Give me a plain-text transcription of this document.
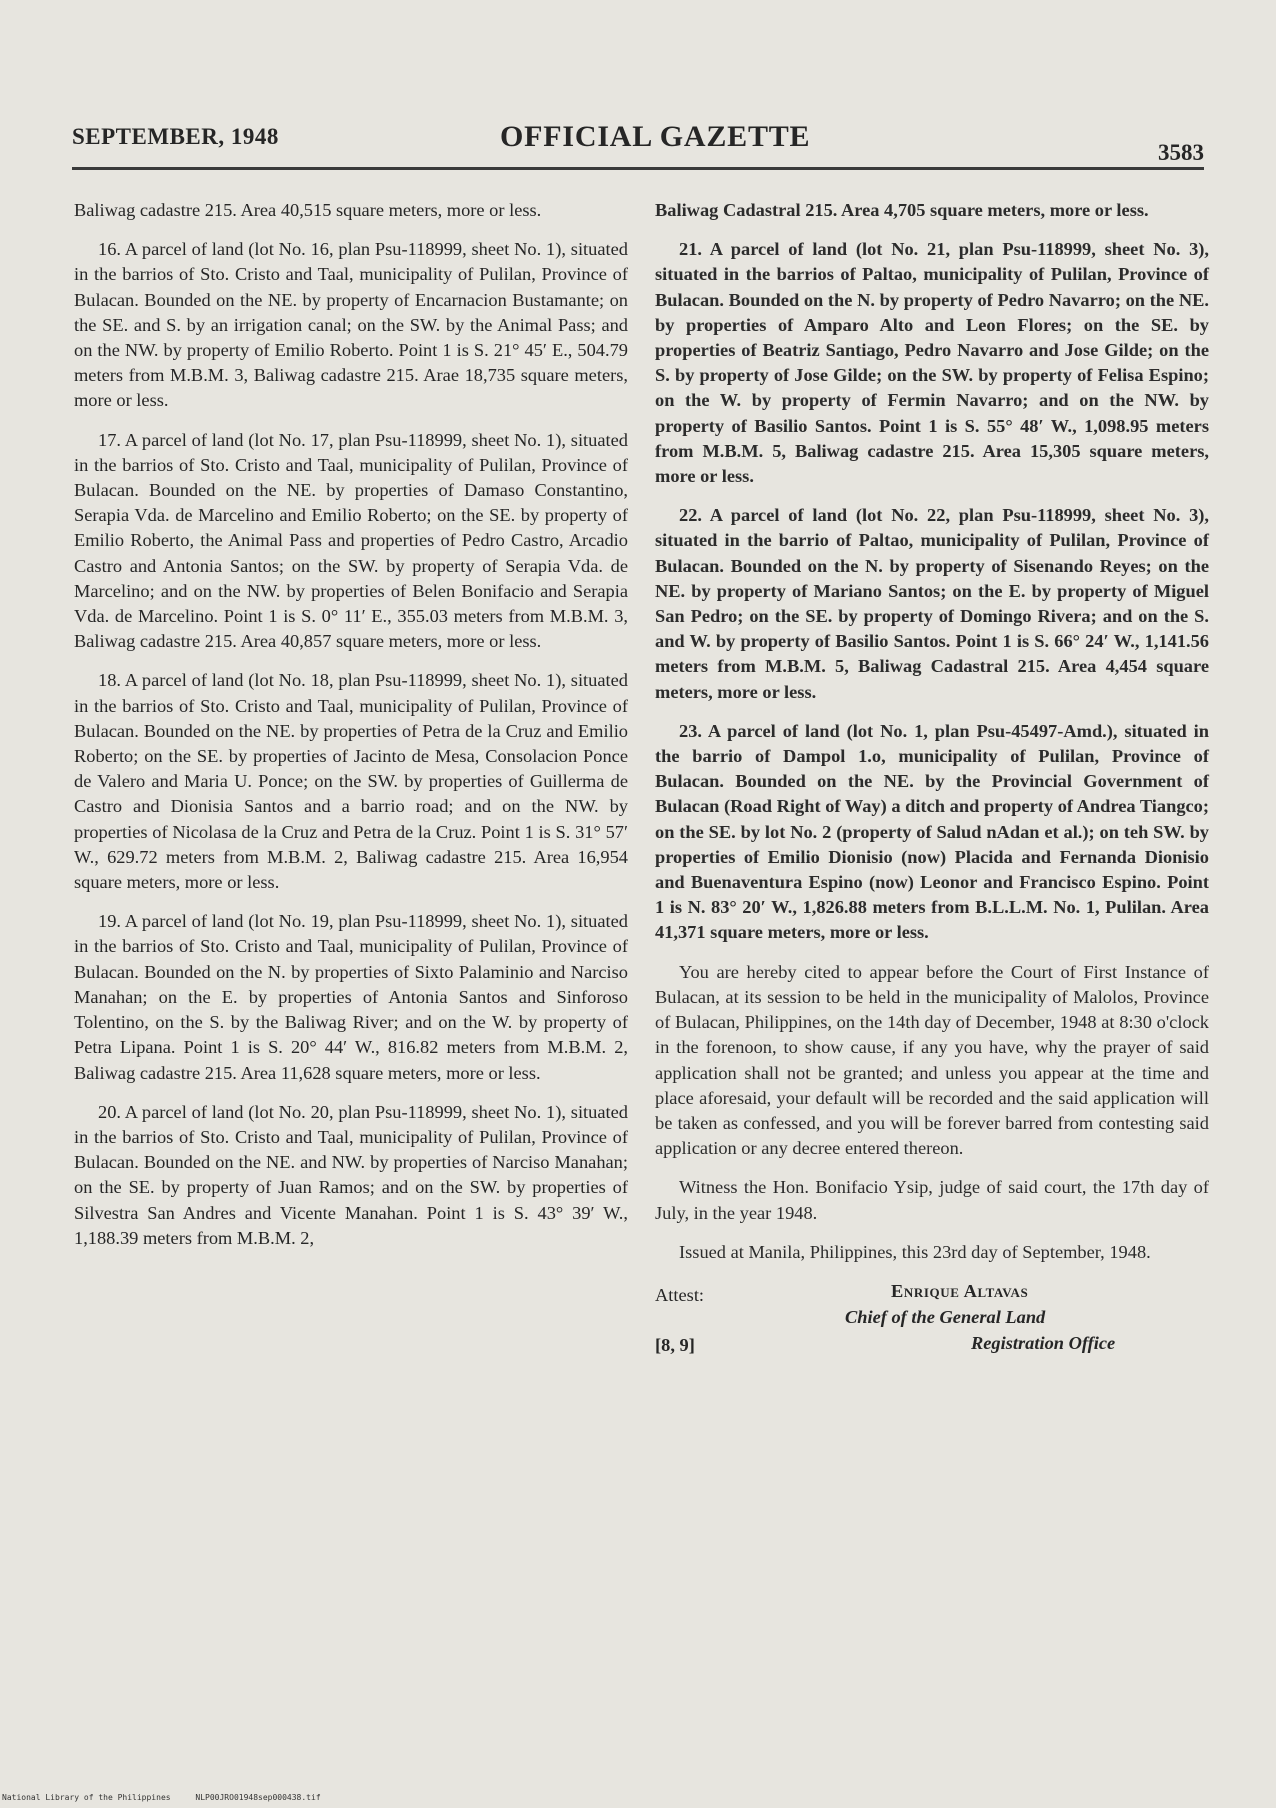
SEPTEMBER, 1948	OFFICIAL GAZETTE	3583

Baliwag cadastre 215. Area 40,515 square meters, more or less.

16. A parcel of land (lot No. 16, plan Psu-118999, sheet No. 1), situated in the barrios of Sto. Cristo and Taal, municipality of Pulilan, Province of Bulacan. Bounded on the NE. by property of Encarnacion Bustamante; on the SE. and S. by an irrigation canal; on the SW. by the Animal Pass; and on the NW. by property of Emilio Roberto. Point 1 is S. 21° 45′ E., 504.79 meters from M.B.M. 3, Baliwag cadastre 215. Arae 18,735 square meters, more or less.

17. A parcel of land (lot No. 17, plan Psu-118999, sheet No. 1), situated in the barrios of Sto. Cristo and Taal, municipality of Pulilan, Province of Bulacan. Bounded on the NE. by properties of Damaso Constantino, Serapia Vda. de Marcelino and Emilio Roberto; on the SE. by property of Emilio Roberto, the Animal Pass and properties of Pedro Castro, Arcadio Castro and Antonia Santos; on the SW. by property of Serapia Vda. de Marcelino; and on the NW. by properties of Belen Bonifacio and Serapia Vda. de Marcelino. Point 1 is S. 0° 11′ E., 355.03 meters from M.B.M. 3, Baliwag cadastre 215. Area 40,857 square meters, more or less.

18. A parcel of land (lot No. 18, plan Psu-118999, sheet No. 1), situated in the barrios of Sto. Cristo and Taal, municipality of Pulilan, Province of Bulacan. Bounded on the NE. by properties of Petra de la Cruz and Emilio Roberto; on the SE. by properties of Jacinto de Mesa, Consolacion Ponce de Valero and Maria U. Ponce; on the SW. by properties of Guillerma de Castro and Dionisia Santos and a barrio road; and on the NW. by properties of Nicolasa de la Cruz and Petra de la Cruz. Point 1 is S. 31° 57′ W., 629.72 meters from M.B.M. 2, Baliwag cadastre 215. Area 16,954 square meters, more or less.

19. A parcel of land (lot No. 19, plan Psu-118999, sheet No. 1), situated in the barrios of Sto. Cristo and Taal, municipality of Pulilan, Province of Bulacan. Bounded on the N. by properties of Sixto Palaminio and Narciso Manahan; on the E. by properties of Antonia Santos and Sinforoso Tolentino, on the S. by the Baliwag River; and on the W. by property of Petra Lipana. Point 1 is S. 20° 44′ W., 816.82 meters from M.B.M. 2, Baliwag cadastre 215. Area 11,628 square meters, more or less.

20. A parcel of land (lot No. 20, plan Psu-118999, sheet No. 1), situated in the barrios of Sto. Cristo and Taal, municipality of Pulilan, Province of Bulacan. Bounded on the NE. and NW. by properties of Narciso Manahan; on the SE. by property of Juan Ramos; and on the SW. by properties of Silvestra San Andres and Vicente Manahan. Point 1 is S. 43° 39′ W., 1,188.39 meters from M.B.M. 2,

Baliwag Cadastral 215. Area 4,705 square meters, more or less.

21. A parcel of land (lot No. 21, plan Psu-118999, sheet No. 3), situated in the barrios of Paltao, municipality of Pulilan, Province of Bulacan. Bounded on the N. by property of Pedro Navarro; on the NE. by properties of Amparo Alto and Leon Flores; on the SE. by properties of Beatriz Santiago, Pedro Navarro and Jose Gilde; on the S. by property of Jose Gilde; on the SW. by property of Felisa Espino; on the W. by property of Fermin Navarro; and on the NW. by property of Basilio Santos. Point 1 is S. 55° 48′ W., 1,098.95 meters from M.B.M. 5, Baliwag cadastre 215. Area 15,305 square meters, more or less.

22. A parcel of land (lot No. 22, plan Psu-118999, sheet No. 3), situated in the barrio of Paltao, municipality of Pulilan, Province of Bulacan. Bounded on the N. by property of Sisenando Reyes; on the NE. by property of Mariano Santos; on the E. by property of Miguel San Pedro; on the SE. by property of Domingo Rivera; and on the S. and W. by property of Basilio Santos. Point 1 is S. 66° 24′ W., 1,141.56 meters from M.B.M. 5, Baliwag Cadastral 215. Area 4,454 square meters, more or less.

23. A parcel of land (lot No. 1, plan Psu-45497-Amd.), situated in the barrio of Dampol 1.o, municipality of Pulilan, Province of Bulacan. Bounded on the NE. by the Provincial Government of Bulacan (Road Right of Way) a ditch and property of Andrea Tiangco; on the SE. by lot No. 2 (property of Salud nAdan et al.); on teh SW. by properties of Emilio Dionisio (now) Placida and Fernanda Dionisio and Buenaventura Espino (now) Leonor and Francisco Espino. Point 1 is N. 83° 20′ W., 1,826.88 meters from B.L.L.M. No. 1, Pulilan. Area 41,371 square meters, more or less.

You are hereby cited to appear before the Court of First Instance of Bulacan, at its session to be held in the municipality of Malolos, Province of Bulacan, Philippines, on the 14th day of December, 1948 at 8:30 o'clock in the forenoon, to show cause, if any you have, why the prayer of said application shall not be granted; and unless you appear at the time and place aforesaid, your default will be recorded and the said application will be taken as confessed, and you will be forever barred from contesting said application or any decree entered thereon.

Witness the Hon. Bonifacio Ysip, judge of said court, the 17th day of July, in the year 1948.

Issued at Manila, Philippines, this 23rd day of September, 1948.

Attest:
[8, 9]
Enrique Altavas
Chief of the General Land
Registration Office
National Library of the Philippines	NLP00JRO01948sep000438.tif
